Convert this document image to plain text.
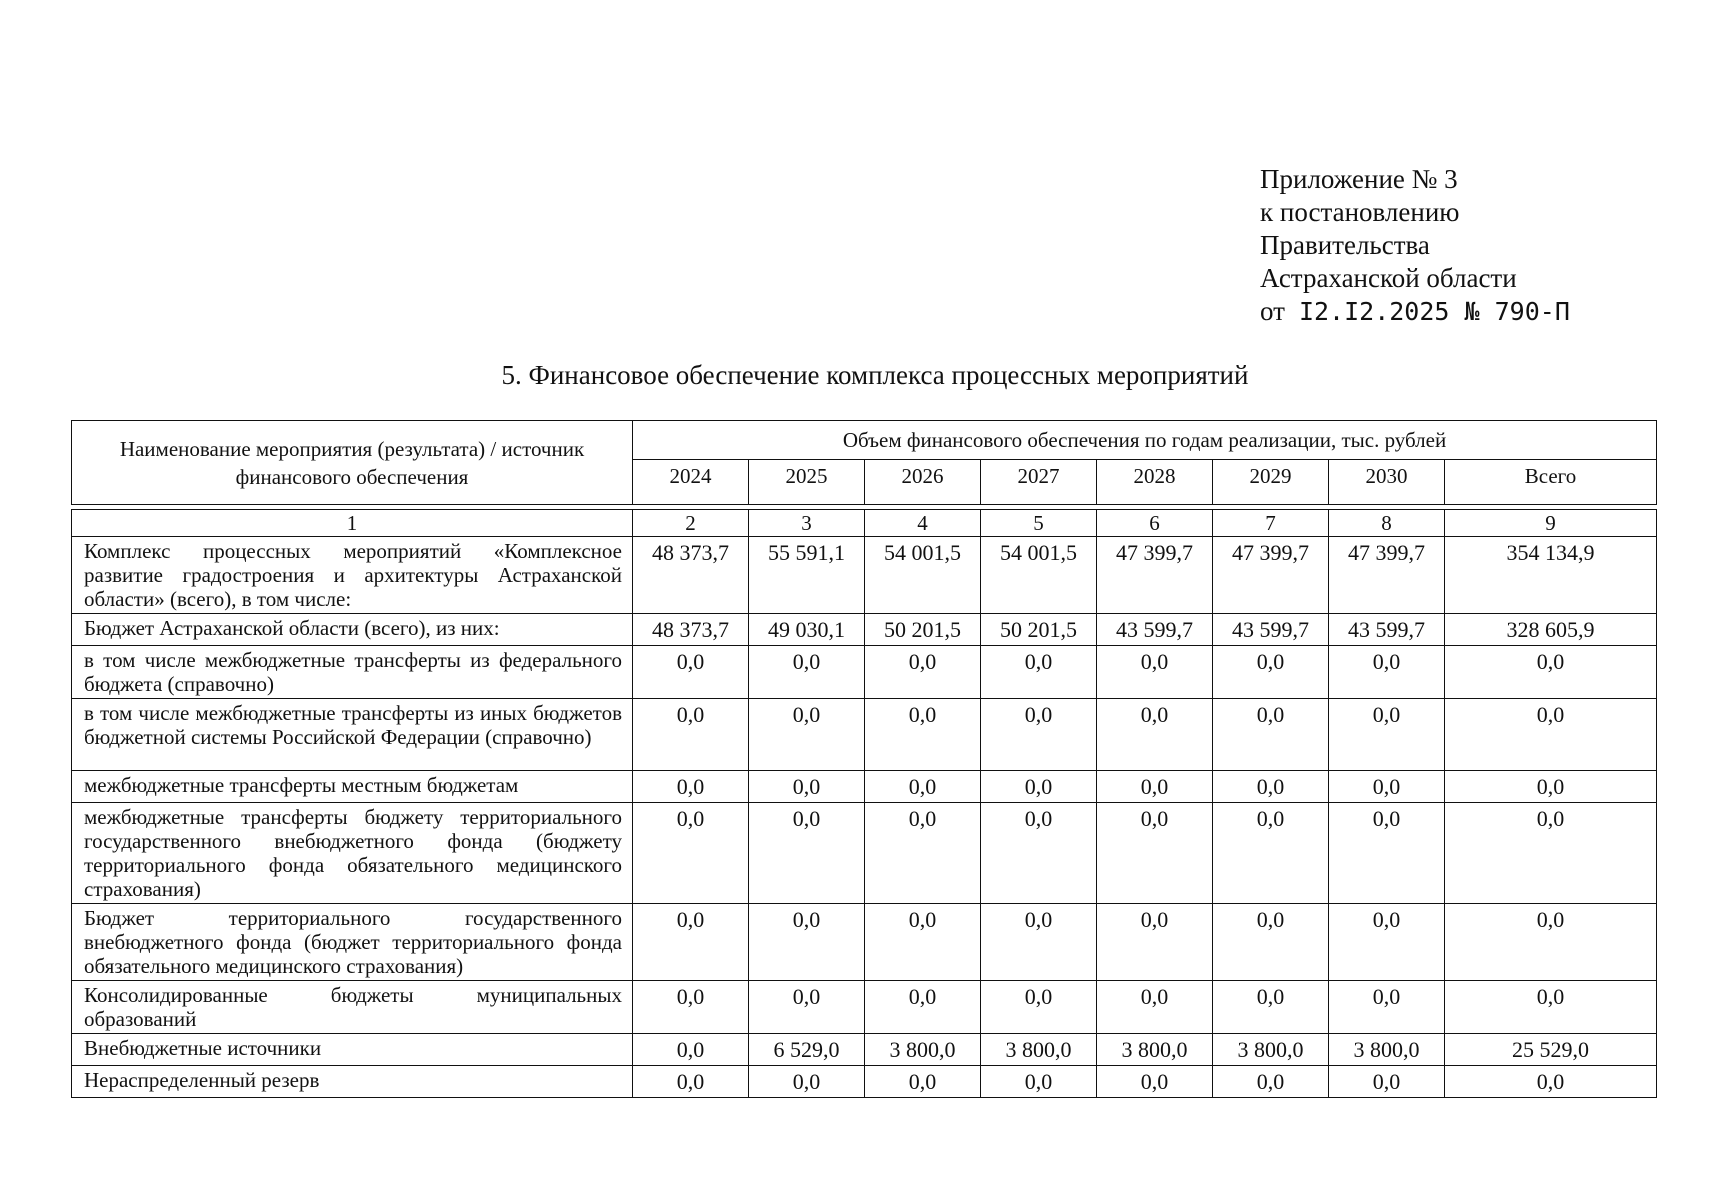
Приложение № 3
к постановлению
Правительства
Астраханской области
от I2.I2.2025 № 790-П
5. Финансовое обеспечение комплекса процессных мероприятий
Наименование мероприятия (результата) / источник финансового обеспечения	Объем финансового обеспечения по годам реализации, тыс. рублей							
	2024	2025	2026	2027	2028	2029	2030	Всего

1	2	3	4	5	6	7	8	9
Комплекс процессных мероприятий «Комплексное развитие градостроения и архитектуры Астраханской области» (всего), в том числе:	48 373,7	55 591,1	54 001,5	54 001,5	47 399,7	47 399,7	47 399,7	354 134,9
Бюджет Астраханской области (всего), из них:	48 373,7	49 030,1	50 201,5	50 201,5	43 599,7	43 599,7	43 599,7	328 605,9
в том числе межбюджетные трансферты из федерального бюджета (справочно)	0,0	0,0	0,0	0,0	0,0	0,0	0,0	0,0
в том числе межбюджетные трансферты из иных бюджетов бюджетной системы Российской Федерации (справочно)	0,0	0,0	0,0	0,0	0,0	0,0	0,0	0,0
межбюджетные трансферты местным бюджетам	0,0	0,0	0,0	0,0	0,0	0,0	0,0	0,0
межбюджетные трансферты бюджету территориального государственного внебюджетного фонда (бюджету территориального фонда обязательного медицинского страхования)	0,0	0,0	0,0	0,0	0,0	0,0	0,0	0,0
Бюджет территориального государственного внебюджетного фонда (бюджет территориального фонда обязательного медицинского страхования)	0,0	0,0	0,0	0,0	0,0	0,0	0,0	0,0
Консолидированные бюджеты муниципальных образований	0,0	0,0	0,0	0,0	0,0	0,0	0,0	0,0
Внебюджетные источники	0,0	6 529,0	3 800,0	3 800,0	3 800,0	3 800,0	3 800,0	25 529,0
Нераспределенный резерв	0,0	0,0	0,0	0,0	0,0	0,0	0,0	0,0
